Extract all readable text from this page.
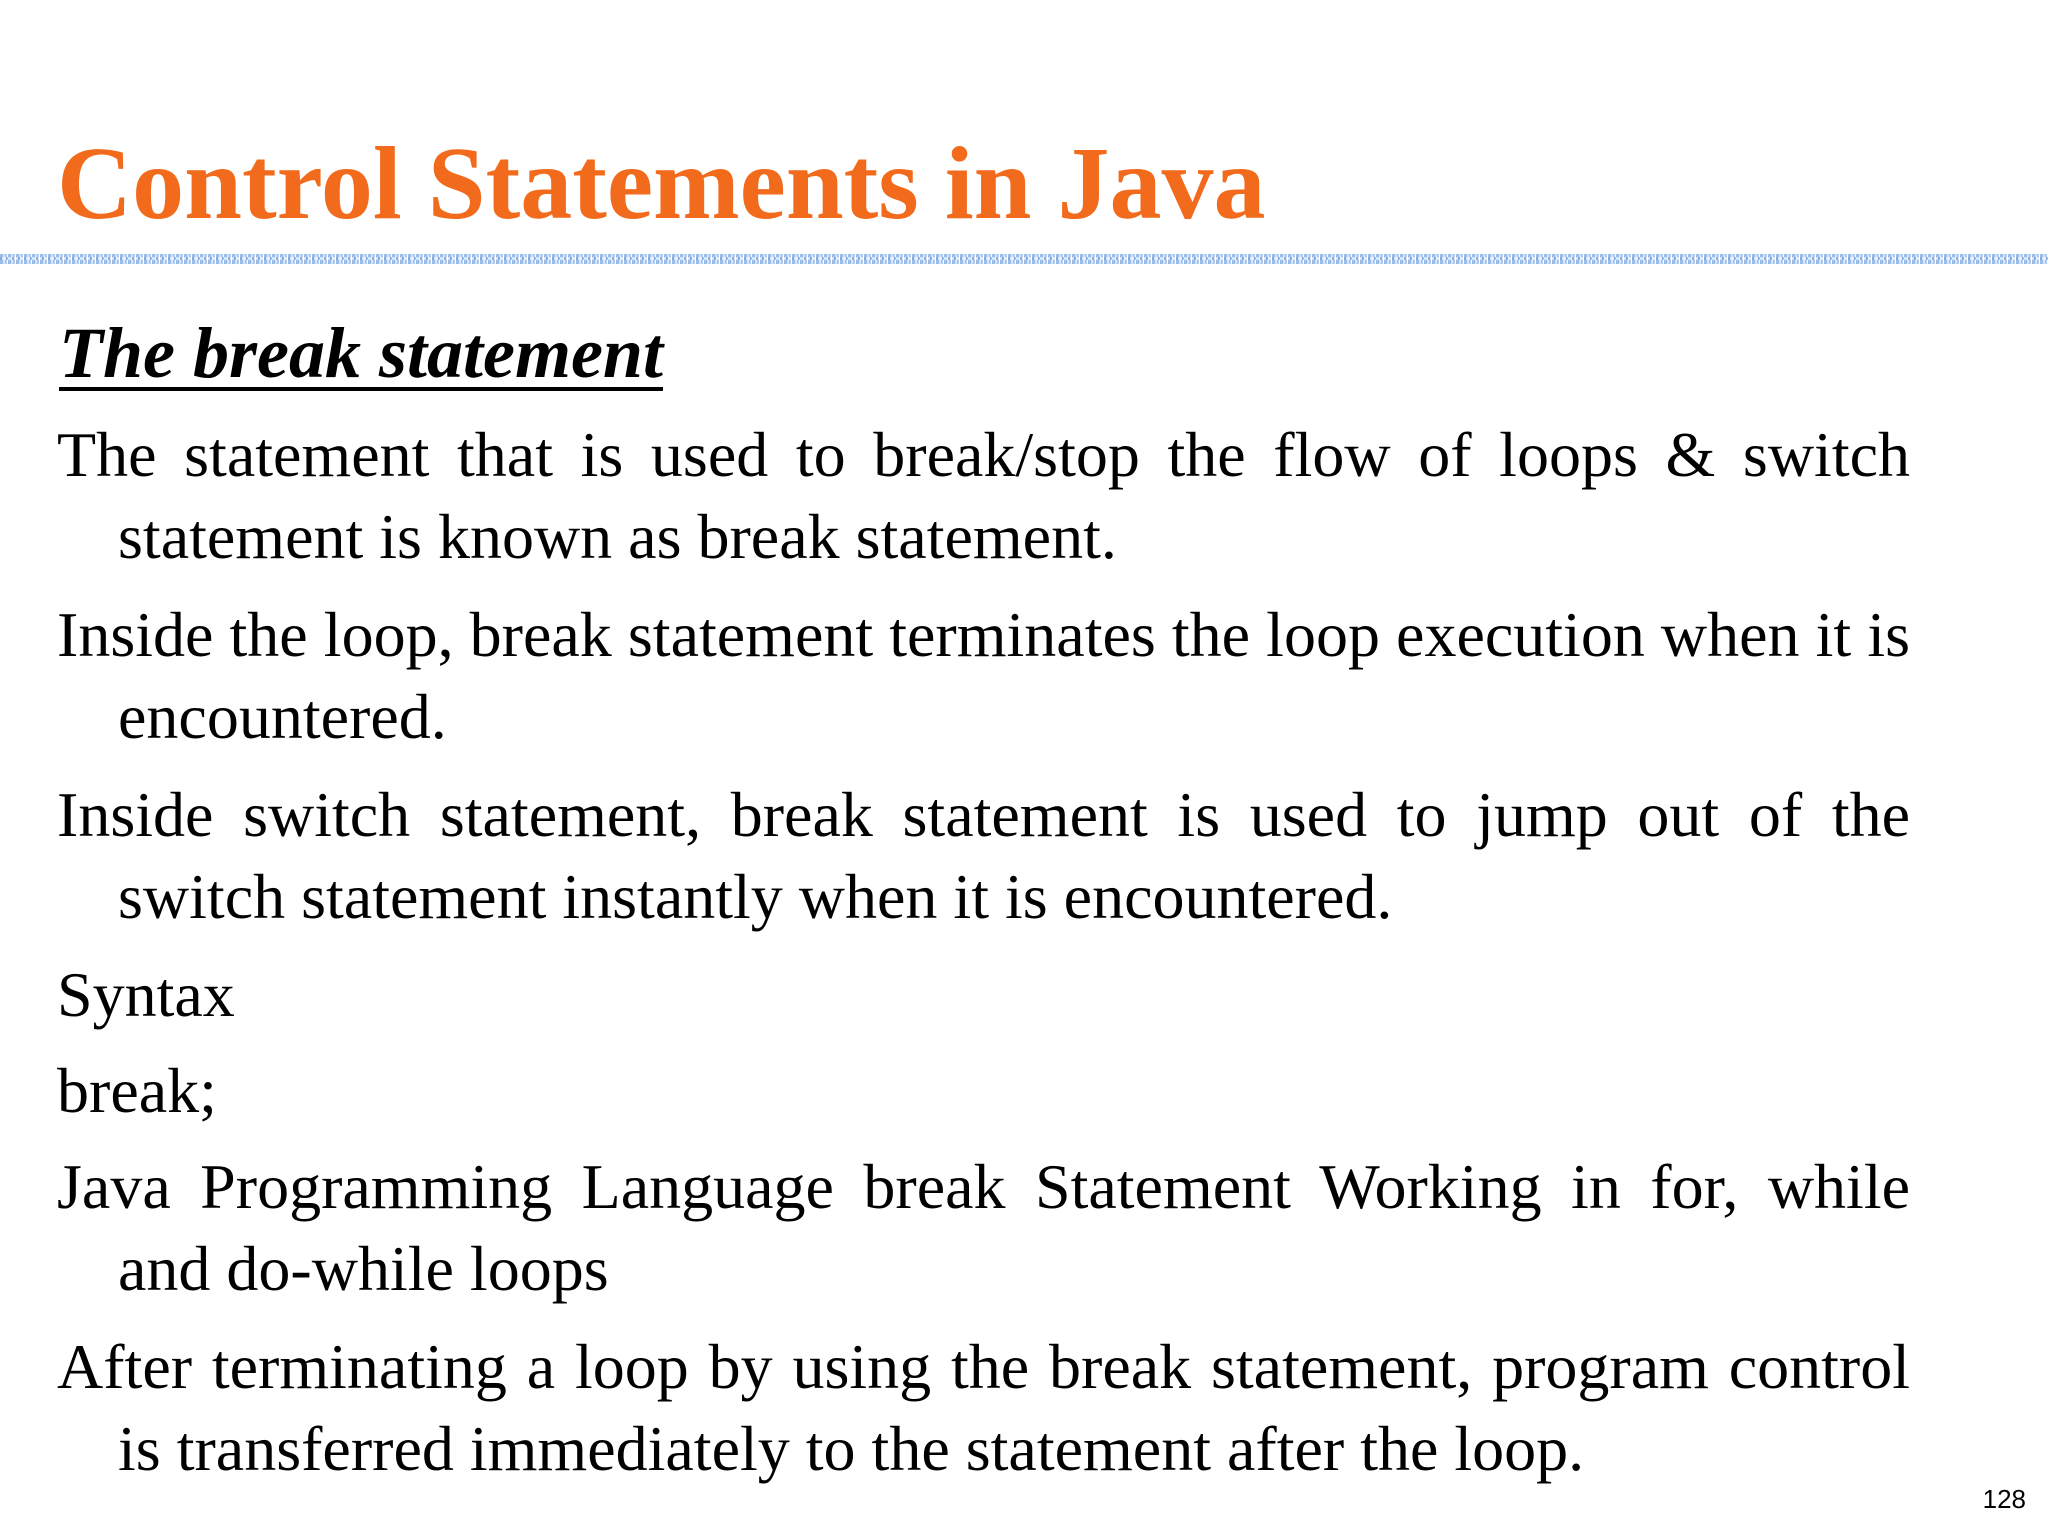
Control Statements in Java
The break statement

The statement that is used to break/stop the flow of loops & switch statement is known as break statement.

Inside the loop, break statement terminates the loop execution when it is encountered.

Inside switch statement, break statement is used to jump out of the switch statement instantly when it is encountered.

Syntax

break;

Java Programming Language break Statement Working in for, while and do-while loops

After terminating a loop by using the break statement, program control is transferred immediately to the statement after the loop.

128
